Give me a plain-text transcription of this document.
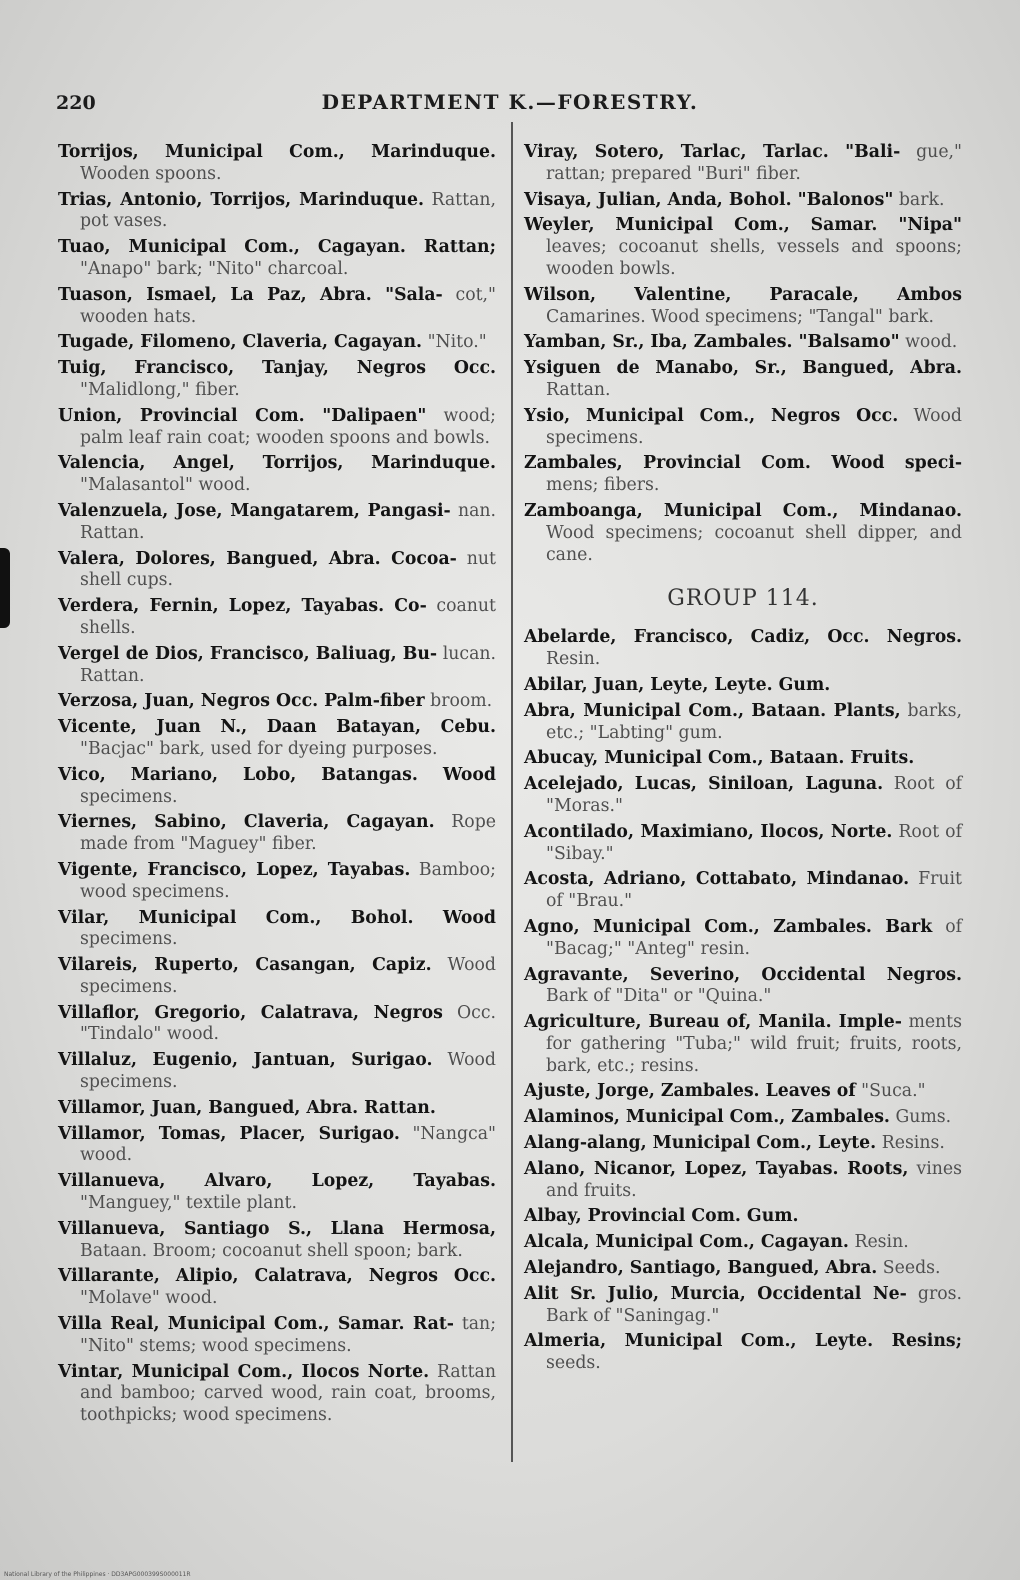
220	DEPARTMENT K.—FORESTRY.

Torrijos, Municipal Com., Marinduque. Wooden spoons.

Trias, Antonio, Torrijos, Marinduque. Rattan, pot vases.

Tuao, Municipal Com., Cagayan. Rattan; "Anapo" bark; "Nito" charcoal.

Tuason, Ismael, La Paz, Abra. "Sala- cot," wooden hats.

Tugade, Filomeno, Claveria, Cagayan. "Nito."

Tuig, Francisco, Tanjay, Negros Occ. "Malidlong," fiber.

Union, Provincial Com. "Dalipaen" wood; palm leaf rain coat; wooden spoons and bowls.

Valencia, Angel, Torrijos, Marinduque. "Malasantol" wood.

Valenzuela, Jose, Mangatarem, Pangasi- nan. Rattan.

Valera, Dolores, Bangued, Abra. Cocoa- nut shell cups.

Verdera, Fernin, Lopez, Tayabas. Co- coanut shells.

Vergel de Dios, Francisco, Baliuag, Bu- lucan. Rattan.

Verzosa, Juan, Negros Occ. Palm-fiber broom.

Vicente, Juan N., Daan Batayan, Cebu. "Bacjac" bark, used for dyeing purposes.

Vico, Mariano, Lobo, Batangas. Wood specimens.

Viernes, Sabino, Claveria, Cagayan. Rope made from "Maguey" fiber.

Vigente, Francisco, Lopez, Tayabas. Bamboo; wood specimens.

Vilar, Municipal Com., Bohol. Wood specimens.

Vilareis, Ruperto, Casangan, Capiz. Wood specimens.

Villaflor, Gregorio, Calatrava, Negros Occ. "Tindalo" wood.

Villaluz, Eugenio, Jantuan, Surigao. Wood specimens.

Villamor, Juan, Bangued, Abra. Rattan.

Villamor, Tomas, Placer, Surigao. "Nangca" wood.

Villanueva, Alvaro, Lopez, Tayabas. "Manguey," textile plant.

Villanueva, Santiago S., Llana Hermosa, Bataan. Broom; cocoanut shell spoon; bark.

Villarante, Alipio, Calatrava, Negros Occ. "Molave" wood.

Villa Real, Municipal Com., Samar. Rat- tan; "Nito" stems; wood specimens.

Vintar, Municipal Com., Ilocos Norte. Rattan and bamboo; carved wood, rain coat, brooms, toothpicks; wood specimens.

Viray, Sotero, Tarlac, Tarlac. "Bali- gue," rattan; prepared "Buri" fiber.

Visaya, Julian, Anda, Bohol. "Balonos" bark.

Weyler, Municipal Com., Samar. "Nipa" leaves; cocoanut shells, vessels and spoons; wooden bowls.

Wilson, Valentine, Paracale, Ambos Camarines. Wood specimens; "Tangal" bark.

Yamban, Sr., Iba, Zambales. "Balsamo" wood.

Ysiguen de Manabo, Sr., Bangued, Abra. Rattan.

Ysio, Municipal Com., Negros Occ. Wood specimens.

Zambales, Provincial Com. Wood speci- mens; fibers.

Zamboanga, Municipal Com., Mindanao. Wood specimens; cocoanut shell dipper, and cane.

GROUP 114.

Abelarde, Francisco, Cadiz, Occ. Negros. Resin.

Abilar, Juan, Leyte, Leyte. Gum.

Abra, Municipal Com., Bataan. Plants, barks, etc.; "Labting" gum.

Abucay, Municipal Com., Bataan. Fruits.

Acelejado, Lucas, Siniloan, Laguna. Root of "Moras."

Acontilado, Maximiano, Ilocos, Norte. Root of "Sibay."

Acosta, Adriano, Cottabato, Mindanao. Fruit of "Brau."

Agno, Municipal Com., Zambales. Bark of "Bacag;" "Anteg" resin.

Agravante, Severino, Occidental Negros. Bark of "Dita" or "Quina."

Agriculture, Bureau of, Manila. Imple- ments for gathering "Tuba;" wild fruit; fruits, roots, bark, etc.; resins.

Ajuste, Jorge, Zambales. Leaves of "Suca."

Alaminos, Municipal Com., Zambales. Gums.

Alang-alang, Municipal Com., Leyte. Resins.

Alano, Nicanor, Lopez, Tayabas. Roots, vines and fruits.

Albay, Provincial Com. Gum.

Alcala, Municipal Com., Cagayan. Resin.

Alejandro, Santiago, Bangued, Abra. Seeds.

Alit Sr. Julio, Murcia, Occidental Ne- gros. Bark of "Saningag."

Almeria, Municipal Com., Leyte. Resins; seeds.

National Library of the Philippines · DD3APG000399S000011R
